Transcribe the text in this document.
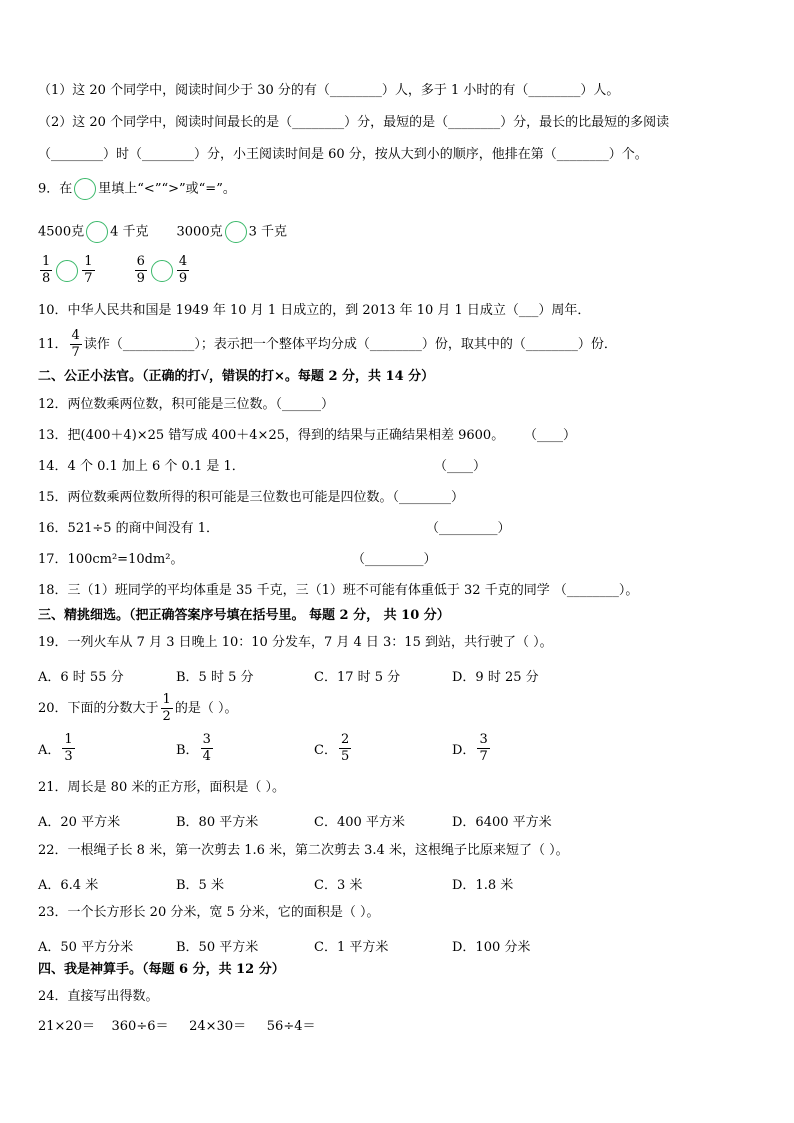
（1）这 20 个同学中，阅读时间少于 30 分的有（________）人，多于 1 小时的有（________）人。
（2）这 20 个同学中，阅读时间最长的是（________）分，最短的是（________）分，最长的比最短的多阅读
（________）时（________）分，小王阅读时间是 60 分，按从大到小的顺序，他排在第（________）个。
9．在 里填上“<”“>”或“=”。
4500克 4 千克 3000克 3 千克
$\frac{1}{8} \frac{1}{7}$	$\frac{6}{9} \frac{4}{9}$
10．中华人民共和国是 1949 年 10 月 1 日成立的，到 2013 年 10 月 1 日成立（___）周年．
11． $\frac{4}{7}$ 读作（___________）；表示把一个整体平均分成（________）份，取其中的（________）份．
二、公正小法官。（正确的打√，错误的打×。每题 2 分，共 14 分）
12．两位数乘两位数，积可能是三位数。（______）
13．把(400＋4)×25 错写成 400＋4×25，得到的结果与正确结果相差 9600。 （____）
14．4 个 0.1 加上 6 个 0.1 是 1．	（____）
15．两位数乘两位数所得的积可能是三位数也可能是四位数。（________）
16．521÷5 的商中间没有 1．	（_________）
17．100cm²=10dm²。	（_________）
18．三（1）班同学的平均体重是 35 千克，三（1）班不可能有体重低于 32 千克的同学 （________）。
三、精挑细选。（把正确答案序号填在括号里。 每题 2 分， 共 10 分）
19．一列火车从 7 月 3 日晚上 10：10 分发车，7 月 4 日 3：15 到站，共行驶了（ ）。
A．6 时 55 分	B．5 时 5 分	C．17 时 5 分	D．9 时 25 分
20．下面的分数大于 $\frac{1}{2}$ 的是（ ）。
A． $\frac{1}{3}$	B． $\frac{3}{4}$	C． $\frac{2}{5}$	D． $\frac{3}{7}$
21．周长是 80 米的正方形，面积是（ ）。
A．20 平方米	B．80 平方米	C．400 平方米	D．6400 平方米
22．一根绳子长 8 米，第一次剪去 1.6 米，第二次剪去 3.4 米，这根绳子比原来短了（ ）。
A．6.4 米	B．5 米	C．3 米	D．1.8 米
23．一个长方形长 20 分米，宽 5 分米，它的面积是（ ）。
A．50 平方分米	B．50 平方米	C．1 平方米	D．100 分米
四、我是神算手。（每题 6 分，共 12 分）
24．直接写出得数。
21×20＝    360÷6＝     24×30＝     56÷4＝
